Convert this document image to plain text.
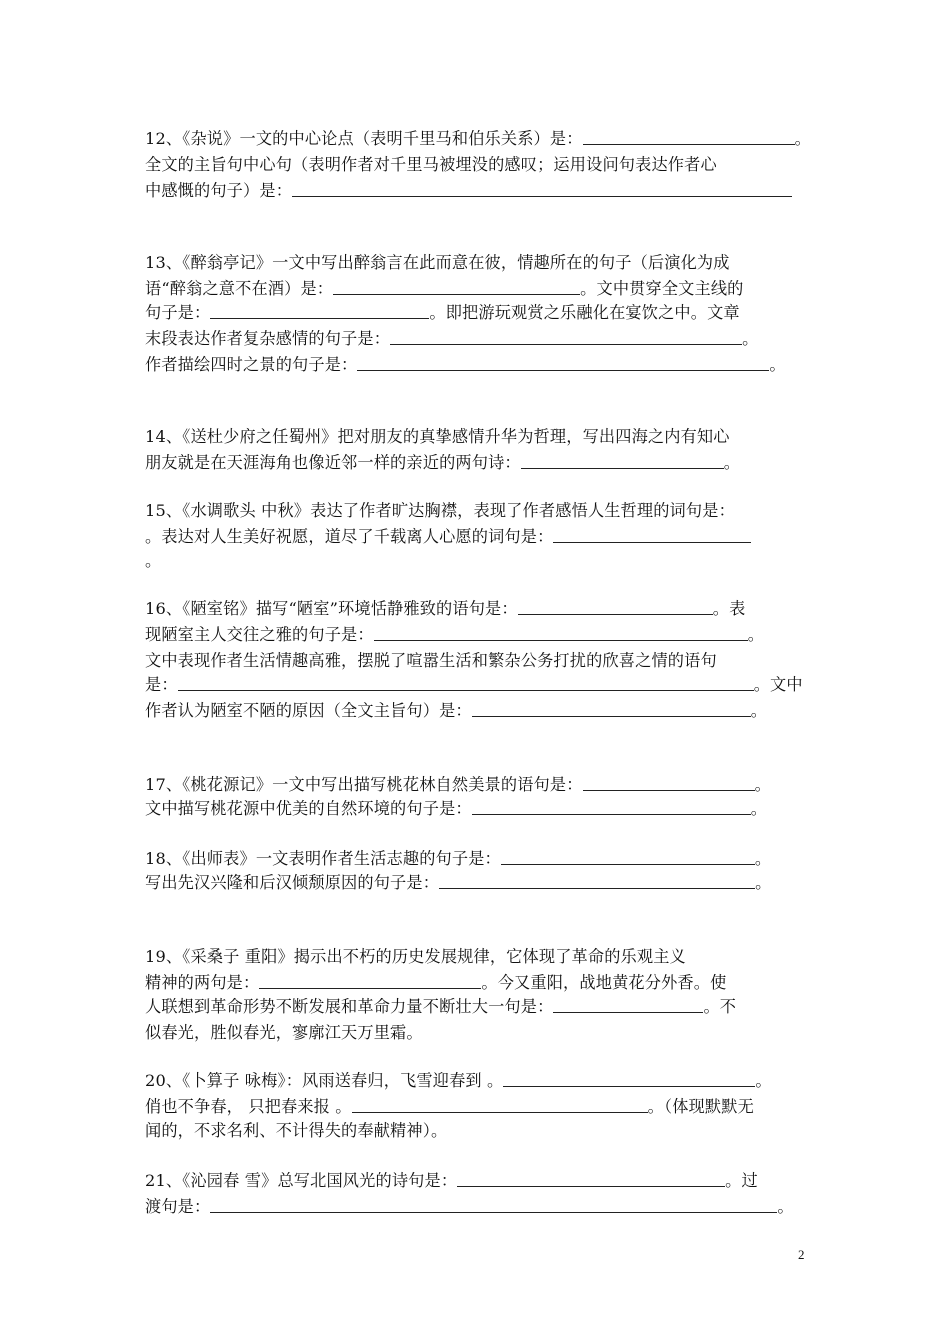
12、《杂说》一文的中心论点（表明千里马和伯乐关系）是：	。
全文的主旨句中心句（表明作者对千里马被埋没的感叹；运用设问句表达作者心
中感慨的句子）是：
13、《醉翁亭记》一文中写出醉翁言在此而意在彼，情趣所在的句子（后演化为成
语“醉翁之意不在酒）是：	。文中贯穿全文主线的
句子是：	。即把游玩观赏之乐融化在宴饮之中。文章
末段表达作者复杂感情的句子是：	。
作者描绘四时之景的句子是：	。
14、《送杜少府之任蜀州》把对朋友的真挚感情升华为哲理，写出四海之内有知心
朋友就是在天涯海角也像近邻一样的亲近的两句诗：	。
15、《水调歌头 中秋》表达了作者旷达胸襟，表现了作者感悟人生哲理的词句是：
。表达对人生美好祝愿，道尽了千载离人心愿的词句是：
。
16、《陋室铭》描写“陋室”环境恬静雅致的语句是：	。表
现陋室主人交往之雅的句子是：	。
文中表现作者生活情趣高雅，摆脱了喧嚣生活和繁杂公务打扰的欣喜之情的语句
是：	。文中
作者认为陋室不陋的原因（全文主旨句）是：	。
17、《桃花源记》一文中写出描写桃花林自然美景的语句是：	。
文中描写桃花源中优美的自然环境的句子是：	。
18、《出师表》一文表明作者生活志趣的句子是：	。
写出先汉兴隆和后汉倾颓原因的句子是：	。
19、《采桑子 重阳》揭示出不朽的历史发展规律，它体现了革命的乐观主义
精神的两句是：	。今又重阳，战地黄花分外香。使
人联想到革命形势不断发展和革命力量不断壮大一句是：	。不
似春光，胜似春光，寥廓江天万里霜。
20、《卜算子 咏梅》：风雨送春归，飞雪迎春到 。	。
俏也不争春， 只把春来报 。	。（体现默默无
闻的，不求名利、不计得失的奉献精神）。
21、《沁园春 雪》总写北国风光的诗句是：	。过
渡句是：	。
2
